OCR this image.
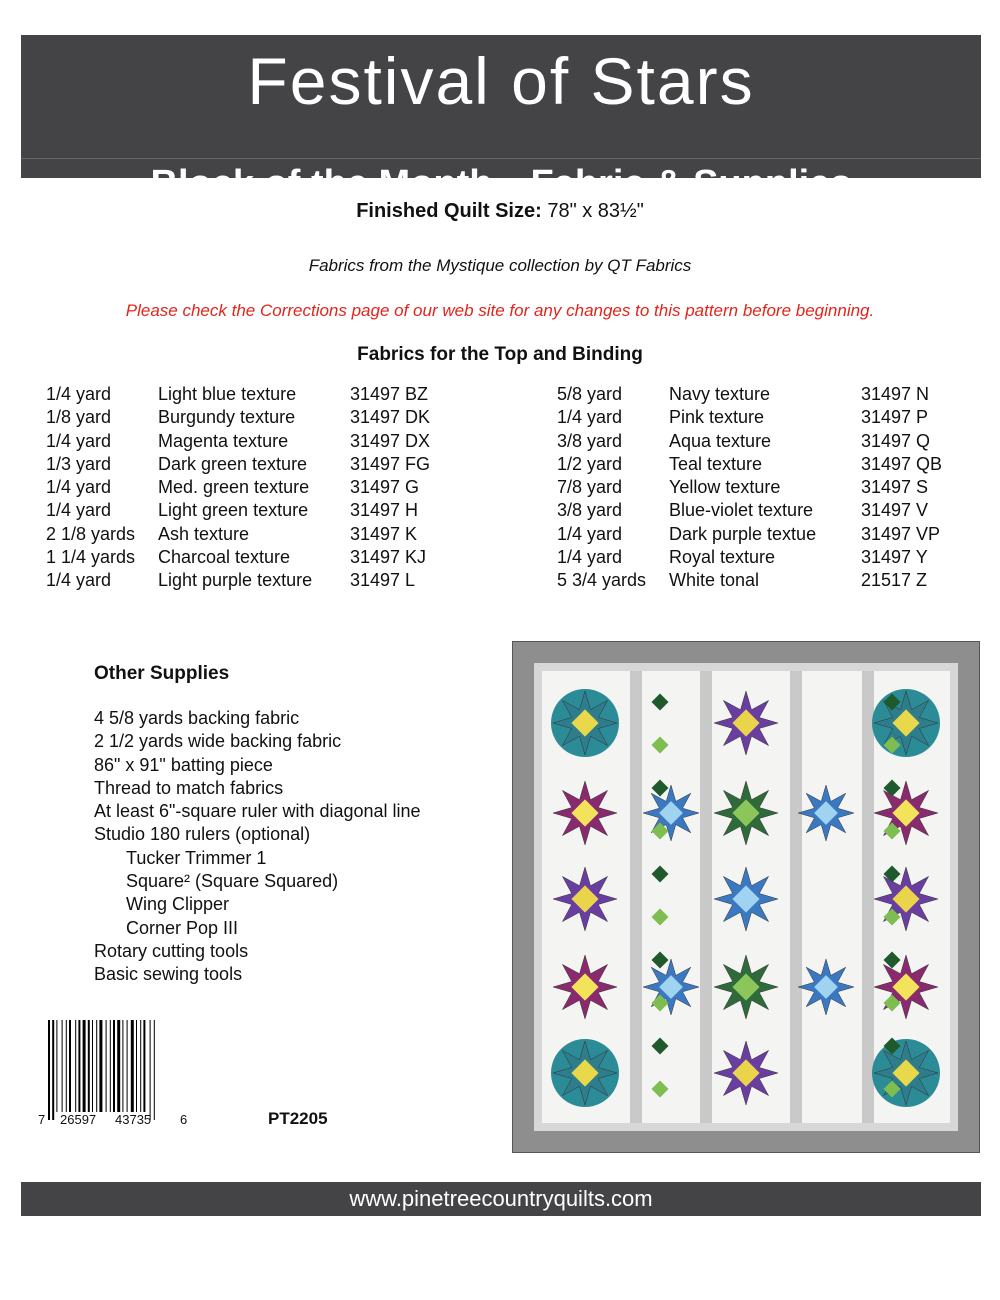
Festival of Stars
Block of the Month—Fabric & Supplies
Finished Quilt Size: 78" x 83½"
Fabrics from the Mystique collection by QT Fabrics
Please check the Corrections page of our web site for any changes to this pattern before beginning.
Fabrics for the Top and Binding
1/4 yard	Light blue texture	31497 BZ
1/8 yard	Burgundy texture	31497 DK
1/4 yard	Magenta texture	31497 DX
1/3 yard	Dark green texture 31497 FG
1/4 yard	Med. green texture 31497 G
1/4 yard	Light green texture 31497 H
2 1/8 yards Ash texture	31497 K
1 1/4 yards Charcoal texture	31497 KJ
1/4 yard	Light purple texture 31497 L
5/8 yard	Navy texture	31497 N
1/4 yard	Pink texture	31497 P
3/8 yard	Aqua texture	31497 Q
1/2 yard	Teal texture	31497 QB
7/8 yard	Yellow texture	31497 S
3/8 yard	Blue-violet texture	31497 V
1/4 yard	Dark purple textue 31497 VP
1/4 yard	Royal texture	31497 Y
5 3/4 yards White tonal	21517 Z
Other Supplies
4 5/8 yards backing fabric
2 1/2 yards wide backing fabric
86" x 91" batting piece
Thread to match fabrics
At least 6"-square ruler with diagonal line
Studio 180 rulers (optional)
Tucker Trimmer 1
Square² (Square Squared)
Wing Clipper
Corner Pop III
Rotary cutting tools
Basic sewing tools
7 26597 43735 6	PT2205
www.pinetreecountryquilts.com
